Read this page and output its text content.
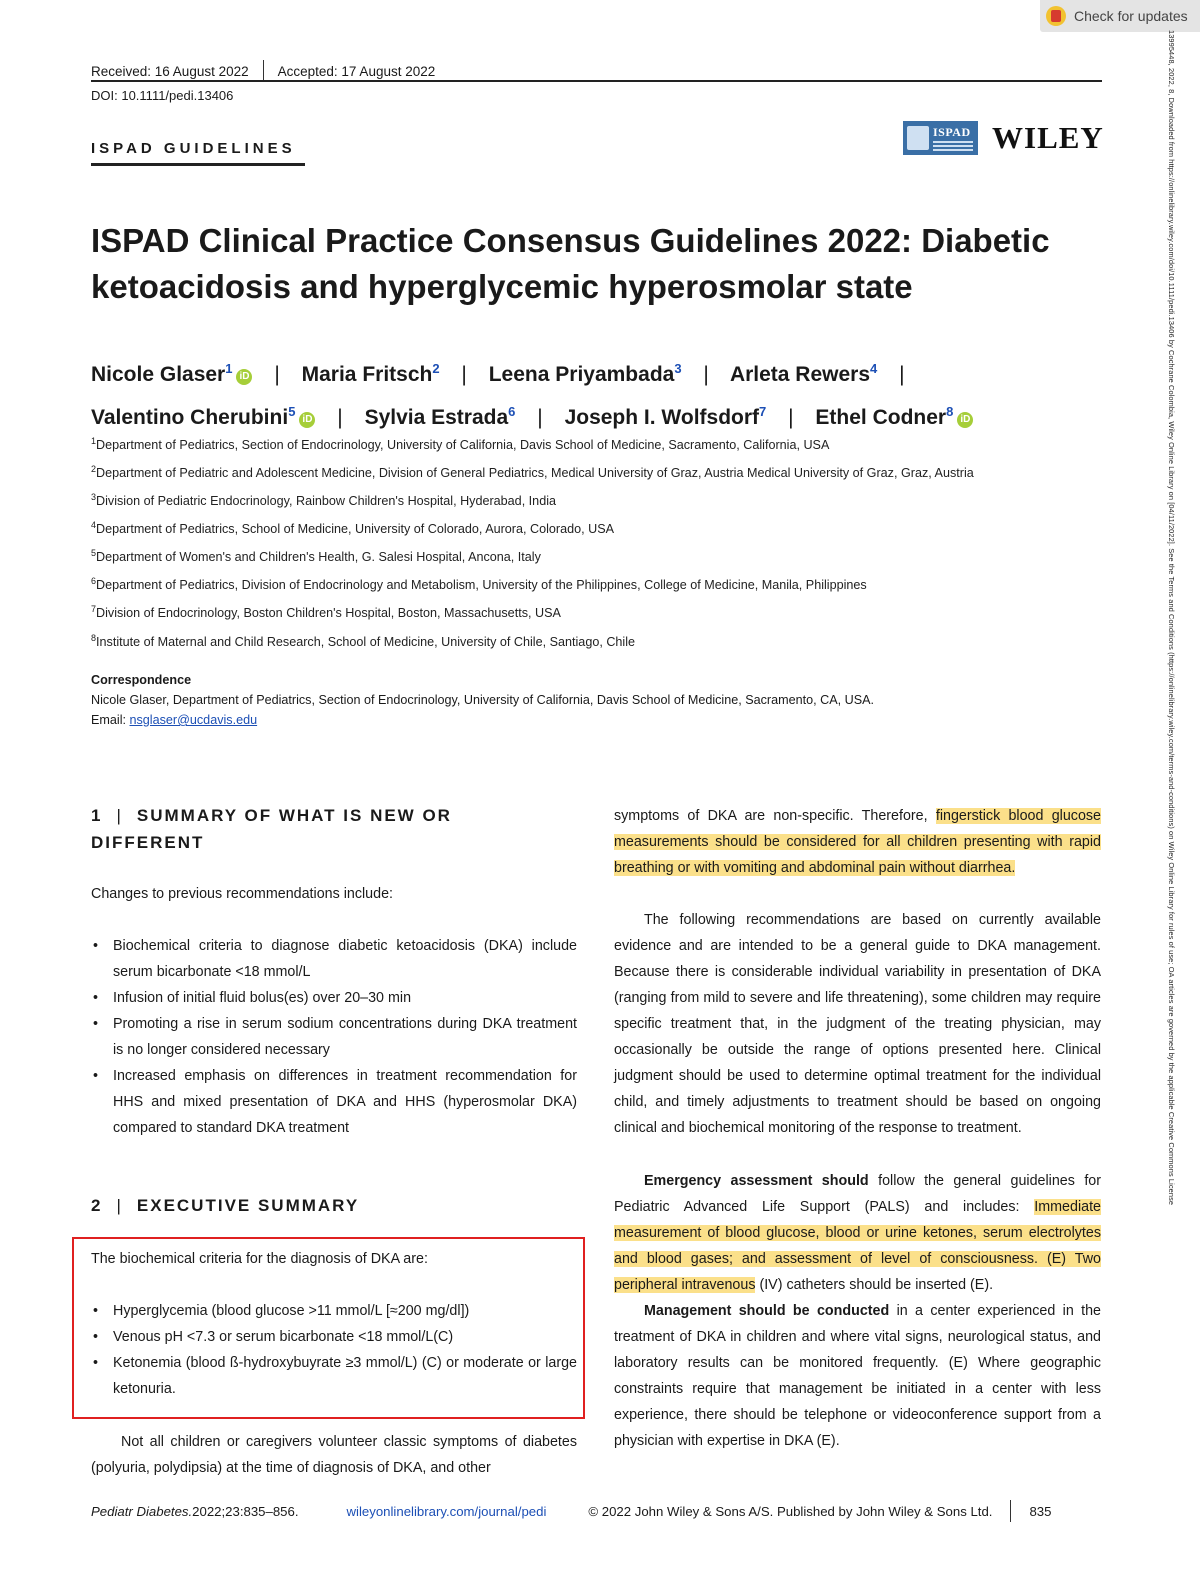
Check for updates
13995448, 2022, 8, Downloaded from https://onlinelibrary.wiley.com/doi/10.1111/pedi.13406 by Cochrane Colombia, Wiley Online Library on [04/11/2022]. See the Terms and Conditions (https://onlinelibrary.wiley.com/terms-and-conditions) on Wiley Online Library for rules of use; OA articles are governed by the applicable Creative Commons License
Received: 16 August 2022 Accepted: 17 August 2022
DOI: 10.1111/pedi.13406
ISPAD GUIDELINES
ISPAD WILEY
ISPAD Clinical Practice Consensus Guidelines 2022: Diabetic
ketoacidosis and hyperglycemic hyperosmolar state
Nicole Glaser$^1$iD | Maria Fritsch$^2$ | Leena Priyambada$^3$ | Arleta Rewers$^4$ |
Valentino Cherubini$^5$iD | Sylvia Estrada$^6$ | Joseph I. Wolfsdorf$^7$ | Ethel Codner$^8$iD
$^1$Department of Pediatrics, Section of Endocrinology, University of California, Davis School of Medicine, Sacramento, California, USA
$^2$Department of Pediatric and Adolescent Medicine, Division of General Pediatrics, Medical University of Graz, Austria Medical University of Graz, Graz, Austria
$^3$Division of Pediatric Endocrinology, Rainbow Children's Hospital, Hyderabad, India
$^4$Department of Pediatrics, School of Medicine, University of Colorado, Aurora, Colorado, USA
$^5$Department of Women's and Children's Health, G. Salesi Hospital, Ancona, Italy
$^6$Department of Pediatrics, Division of Endocrinology and Metabolism, University of the Philippines, College of Medicine, Manila, Philippines
$^7$Division of Endocrinology, Boston Children's Hospital, Boston, Massachusetts, USA
$^8$Institute of Maternal and Child Research, School of Medicine, University of Chile, Santiago, Chile
Correspondence
Nicole Glaser, Department of Pediatrics, Section of Endocrinology, University of California, Davis School of Medicine, Sacramento, CA, USA.
Email: nsglaser@ucdavis.edu
1 | SUMMARY OF WHAT IS NEW OR
DIFFERENT
Changes to previous recommendations include:
• Biochemical criteria to diagnose diabetic ketoacidosis (DKA) include serum bicarbonate <18 mmol/L
• Infusion of initial fluid bolus(es) over 20–30 min
• Promoting a rise in serum sodium concentrations during DKA treatment is no longer considered necessary
• Increased emphasis on differences in treatment recommendation for HHS and mixed presentation of DKA and HHS (hyperosmolar DKA) compared to standard DKA treatment
2 | EXECUTIVE SUMMARY
The biochemical criteria for the diagnosis of DKA are:
• Hyperglycemia (blood glucose >11 mmol/L [≈200 mg/dl])
• Venous pH <7.3 or serum bicarbonate <18 mmol/L(C)
• Ketonemia (blood ß-hydroxybuyrate ≥3 mmol/L) (C) or moderate or large ketonuria.
Not all children or caregivers volunteer classic symptoms of diabetes (polyuria, polydipsia) at the time of diagnosis of DKA, and other
symptoms of DKA are non-specific. Therefore, fingerstick blood glucose measurements should be considered for all children presenting with rapid breathing or with vomiting and abdominal pain without diarrhea.
The following recommendations are based on currently available evidence and are intended to be a general guide to DKA management. Because there is considerable individual variability in presentation of DKA (ranging from mild to severe and life threatening), some children may require specific treatment that, in the judgment of the treating physician, may occasionally be outside the range of options presented here. Clinical judgment should be used to determine optimal treatment for the individual child, and timely adjustments to treatment should be based on ongoing clinical and biochemical monitoring of the response to treatment.
Emergency assessment should follow the general guidelines for Pediatric Advanced Life Support (PALS) and includes: Immediate measurement of blood glucose, blood or urine ketones, serum electrolytes and blood gases; and assessment of level of consciousness. (E) Two peripheral intravenous (IV) catheters should be inserted (E).
Management should be conducted in a center experienced in the treatment of DKA in children and where vital signs, neurological status, and laboratory results can be monitored frequently. (E) Where geographic constraints require that management be initiated in a center with less experience, there should be telephone or videoconference support from a physician with expertise in DKA (E).
Pediatr Diabetes. 2022;23:835–856.	wileyonlinelibrary.com/journal/pedi	© 2022 John Wiley & Sons A/S. Published by John Wiley & Sons Ltd.	835
